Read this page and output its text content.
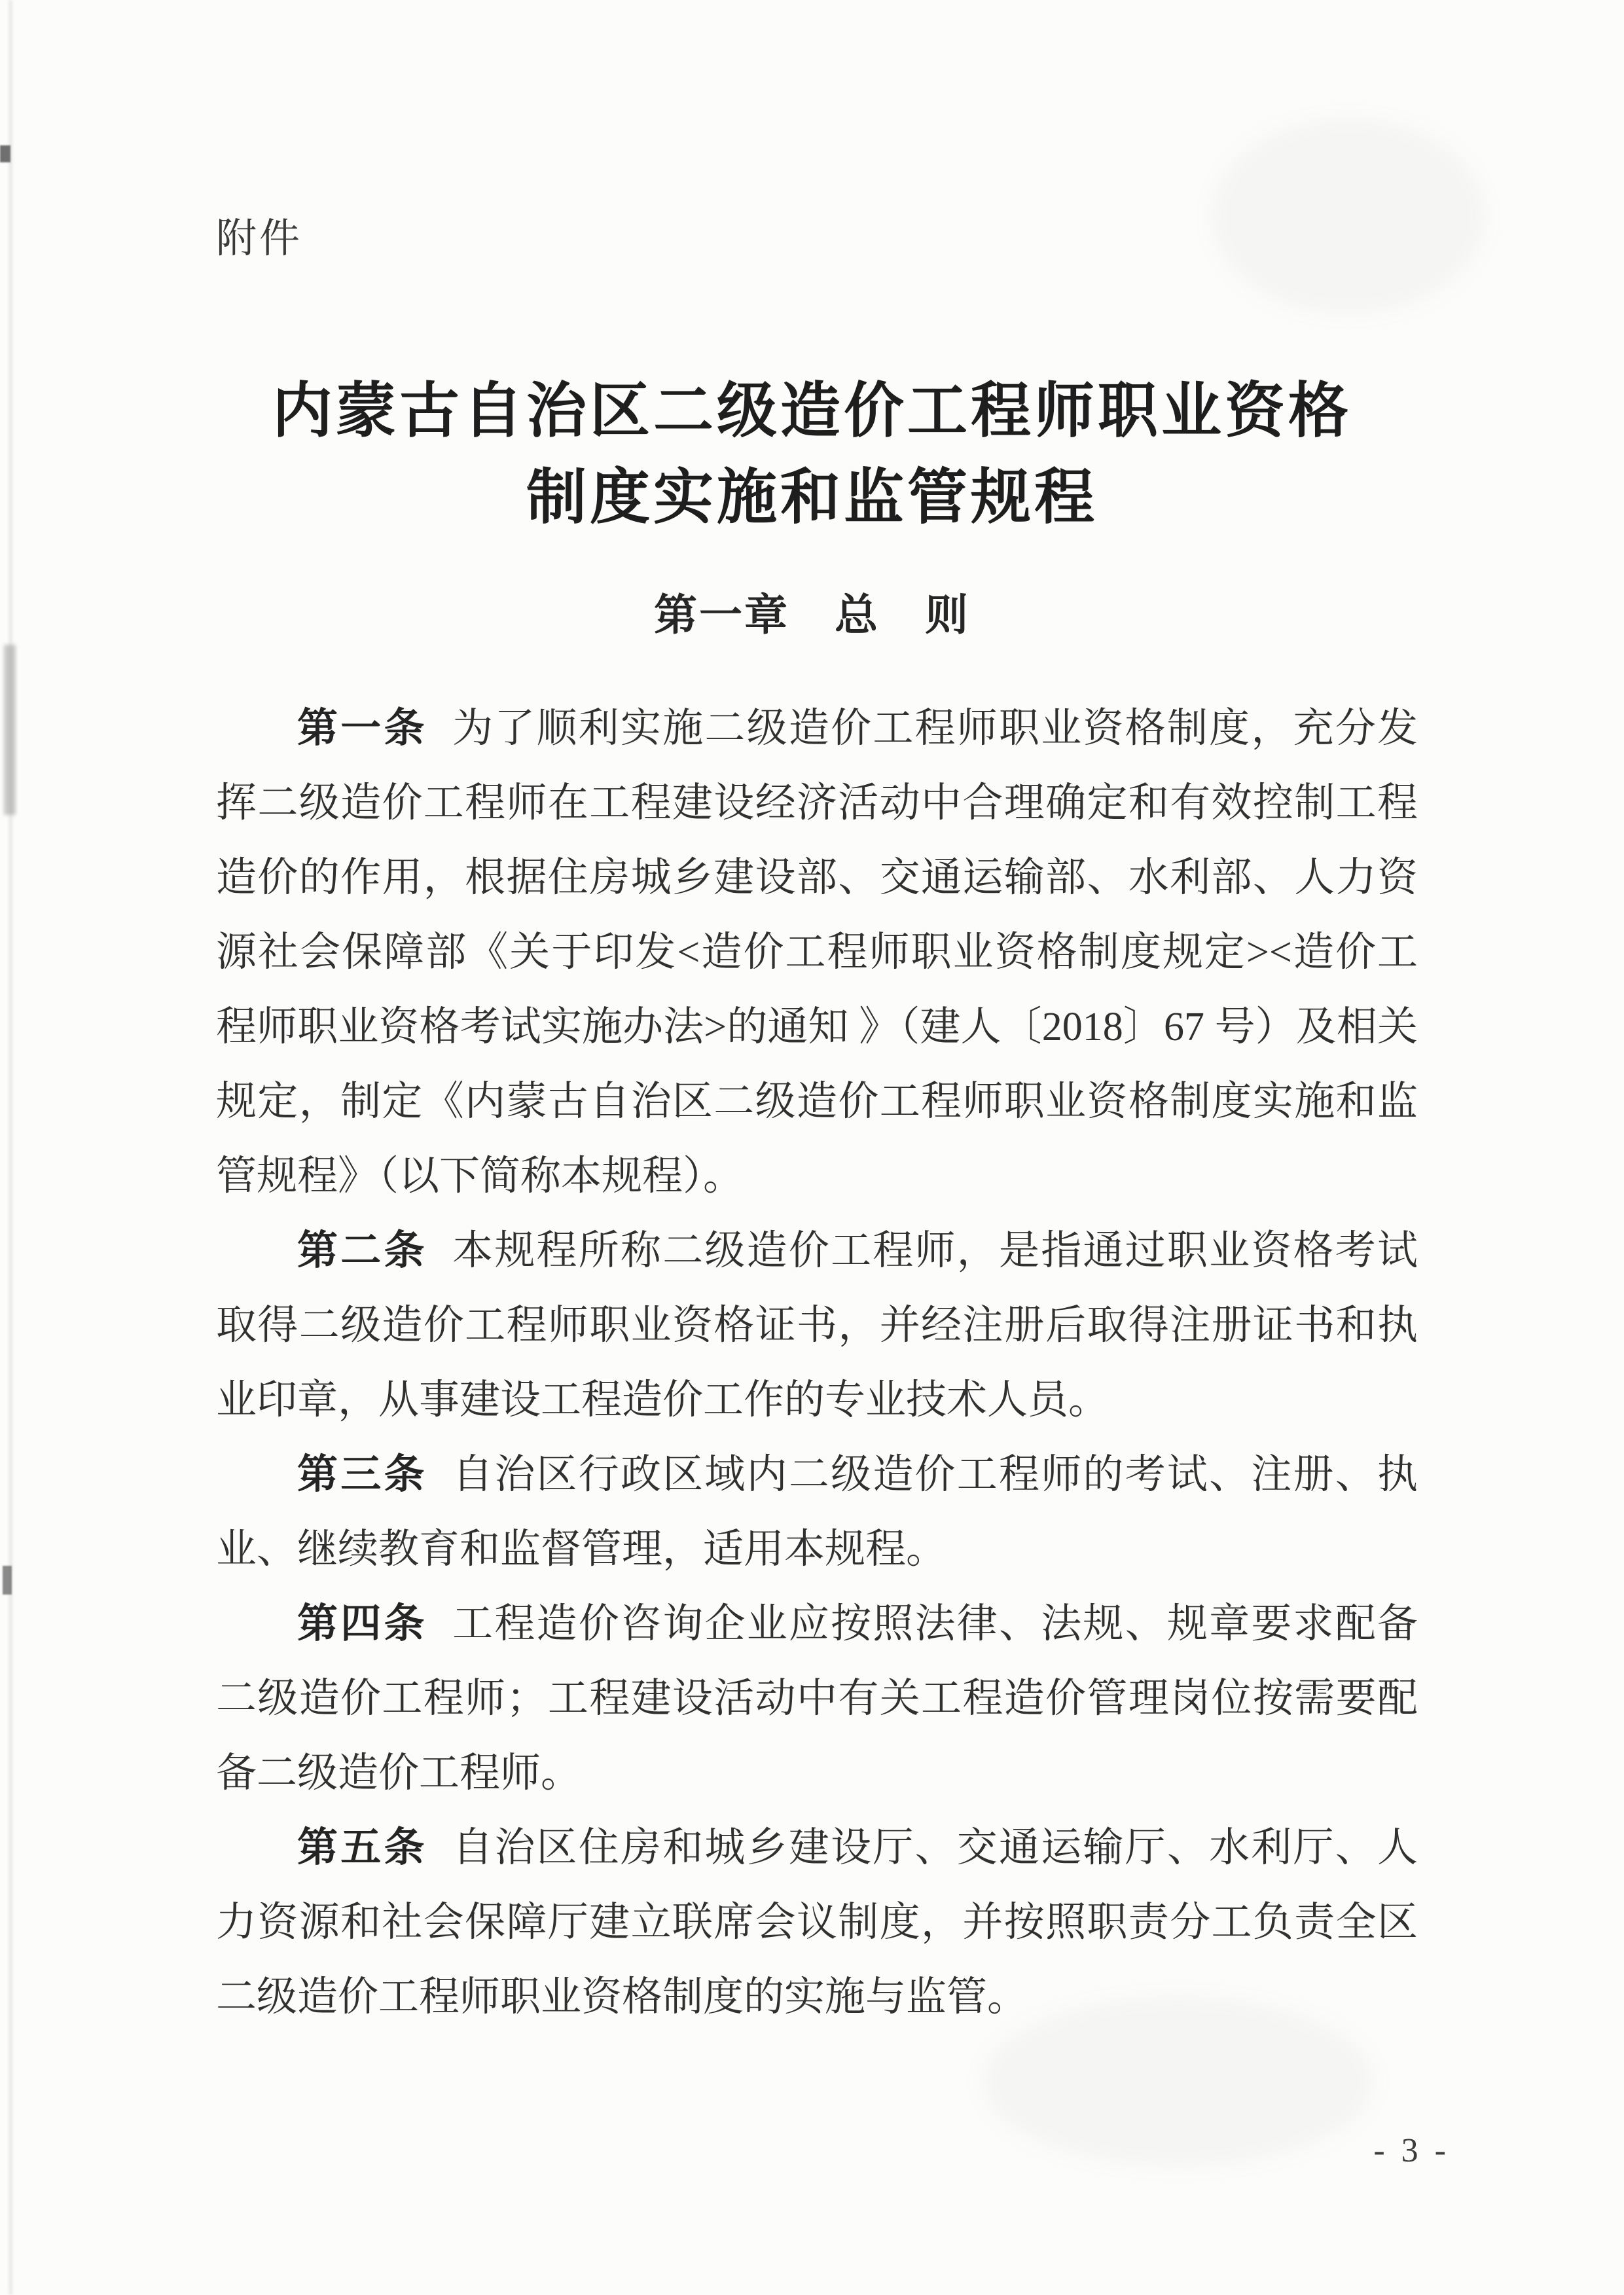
附件
内蒙古自治区二级造价工程师职业资格
制度实施和监管规程
第一章　总　则

第一条 为了顺利实施二级造价工程师职业资格制度，充分发挥二级造价工程师在工程建设经济活动中合理确定和有效控制工程造价的作用，根据住房城乡建设部、交通运输部、水利部、人力资源社会保障部《关于印发<造价工程师职业资格制度规定><造价工程师职业资格考试实施办法>的通知 》（建人〔2018〕67 号）及相关规定，制定《内蒙古自治区二级造价工程师职业资格制度实施和监管规程》（以下简称本规程）。

第二条 本规程所称二级造价工程师，是指通过职业资格考试取得二级造价工程师职业资格证书，并经注册后取得注册证书和执业印章，从事建设工程造价工作的专业技术人员。

第三条 自治区行政区域内二级造价工程师的考试、注册、执业、继续教育和监督管理，适用本规程。

第四条 工程造价咨询企业应按照法律、法规、规章要求配备二级造价工程师；工程建设活动中有关工程造价管理岗位按需要配备二级造价工程师。

第五条 自治区住房和城乡建设厅、交通运输厅、水利厅、人力资源和社会保障厅建立联席会议制度，并按照职责分工负责全区二级造价工程师职业资格制度的实施与监管。

- 3 -
